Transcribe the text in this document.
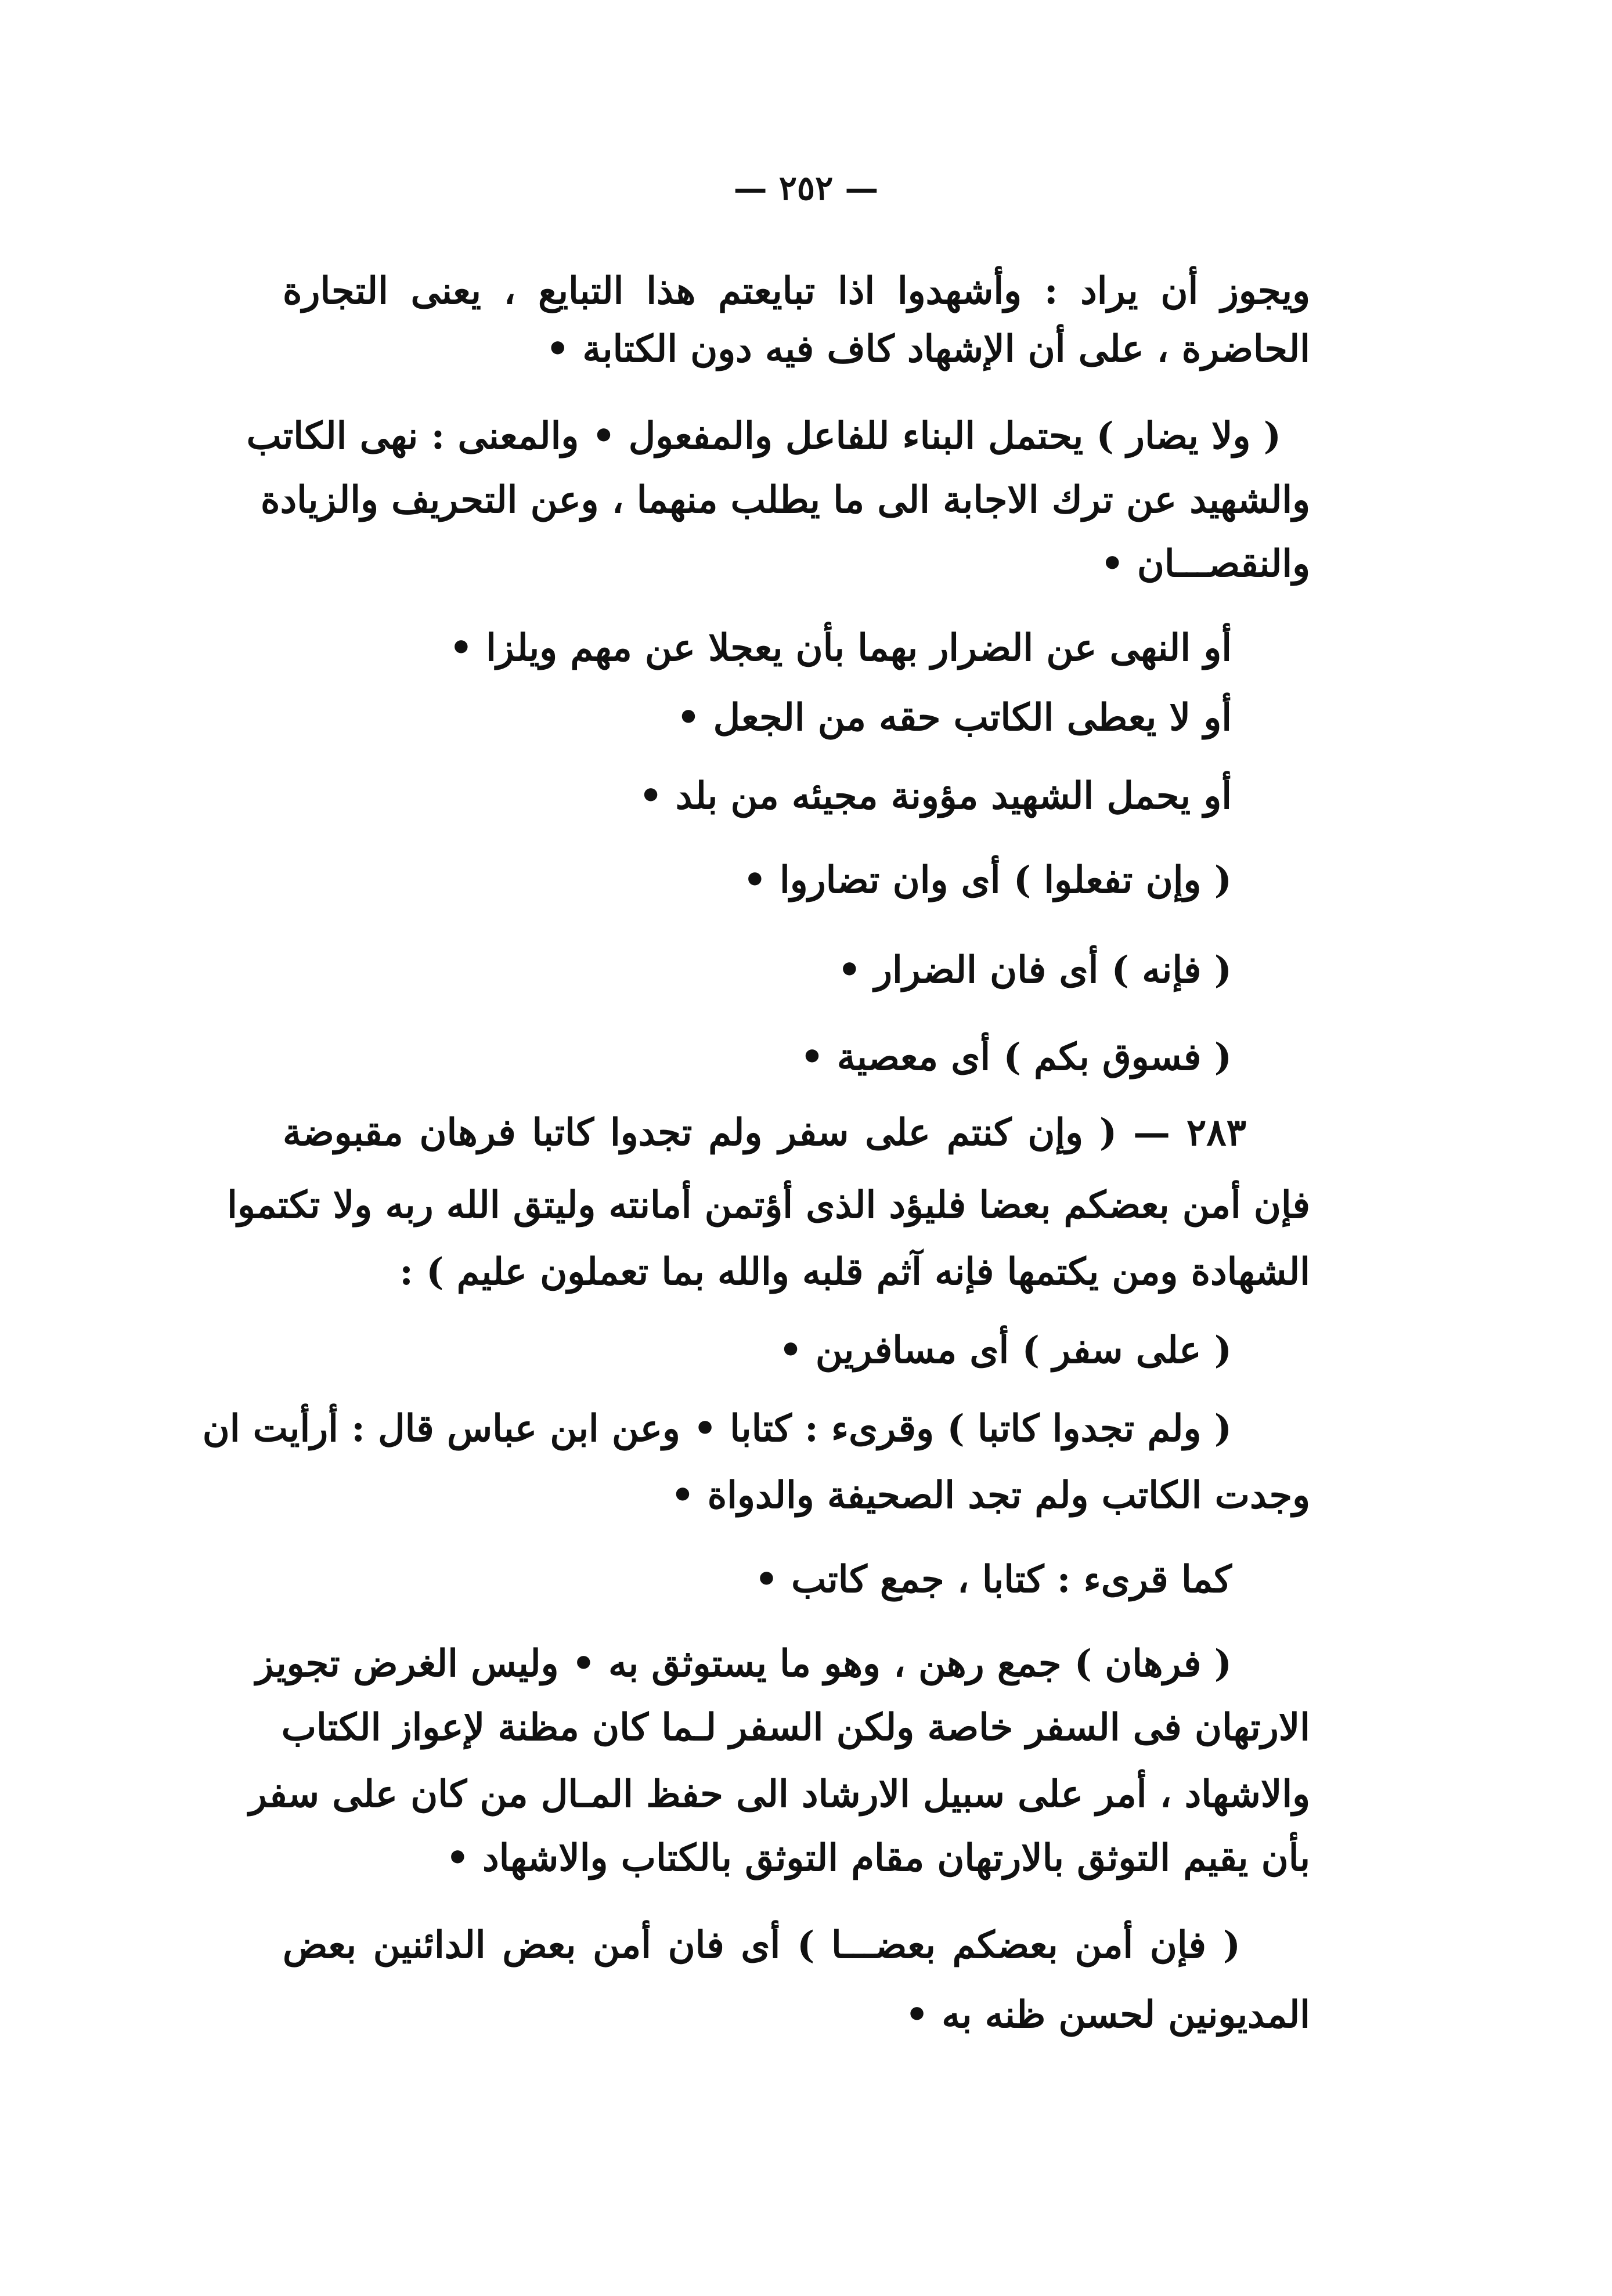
— ٢٥٢ —
ويجوز أن يراد : وأشهدوا اذا تبايعتم هذا التبايع ، يعنى التجارة
الحاضرة ، على أن الإشهاد كاف فيه دون الكتابة •
( ولا يضار ) يحتمل البناء للفاعل والمفعول • والمعنى : نهى الكاتب
والشهيد عن ترك الاجابة الى ما يطلب منهما ، وعن التحريف والزيادة
والنقصـــان •
أو النهى عن الضرار بهما بأن يعجلا عن مهم ويلزا •
أو لا يعطى الكاتب حقه من الجعل •
أو يحمل الشهيد مؤونة مجيئه من بلد •
( وإن تفعلوا ) أى وان تضاروا •
( فإنه ) أى فان الضرار •
( فسوق بكم ) أى معصية •
٢٨٣ — ( وإن كنتم على سفر ولم تجدوا كاتبا فرهان مقبوضة
فإن أمن بعضكم بعضا فليؤد الذى أؤتمن أمانته وليتق الله ربه ولا تكتموا
الشهادة ومن يكتمها فإنه آثم قلبه والله بما تعملون عليم ) :
( على سفر ) أى مسافرين •
( ولم تجدوا كاتبا ) وقرىء : كتابا • وعن ابن عباس قال : أرأيت ان
وجدت الكاتب ولم تجد الصحيفة والدواة •
كما قرىء : كتابا ، جمع كاتب •
( فرهان ) جمع رهن ، وهو ما يستوثق به • وليس الغرض تجويز
الارتهان فى السفر خاصة ولكن السفر لـما كان مظنة لإعواز الكتاب
والاشهاد ، أمر على سبيل الارشاد الى حفظ المـال من كان على سفر
بأن يقيم التوثق بالارتهان مقام التوثق بالكتاب والاشهاد •
( فإن أمن بعضكم بعضـــا ) أى فان أمن بعض الدائنين بعض
المديونين لحسن ظنه به •
